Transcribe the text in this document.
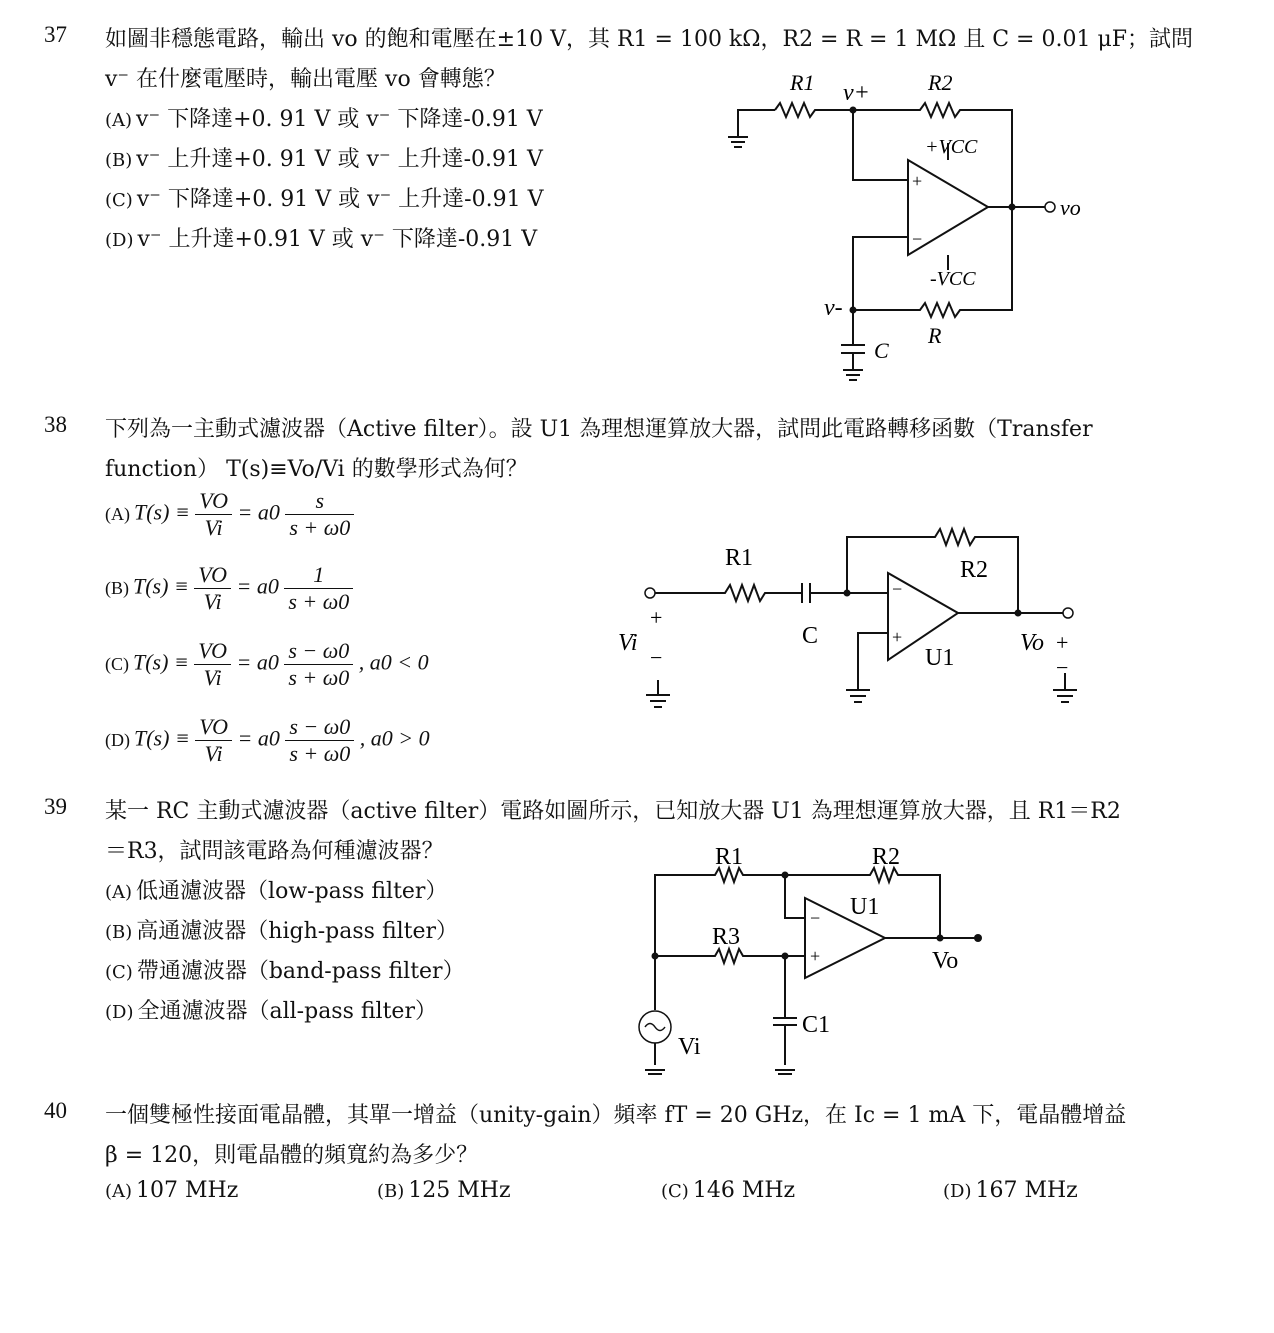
37 如圖非穩態電路，輸出 vo 的飽和電壓在±10 V，其 R1 = 100 kΩ，R2 = R = 1 MΩ 且 C = 0.01 μF；試問
v⁻ 在什麼電壓時，輸出電壓 vo 會轉態？
(A) v⁻ 下降達+0. 91 V 或 v⁻ 下降達-0.91 V
(B) v⁻ 上升達+0. 91 V 或 v⁻ 上升達-0.91 V
(C) v⁻ 下降達+0. 91 V 或 v⁻ 上升達-0.91 V
(D) v⁻ 上升達+0.91 V 或 v⁻ 下降達-0.91 V
R1 v+	R2
+VCC
-VCC
+
−
v-
R
C
vo
38 下列為一主動式濾波器（Active filter）。設 U1 為理想運算放大器，試問此電路轉移函數（Transfer
function） T(s)≡Vo/Vi 的數學形式為何？
(A) $T(s) \equiv \frac{VO}{Vi} = a0 \frac{s}{s + \omega 0}$
(B) $T(s) \equiv \frac{VO}{Vi} = a0 \frac{1}{s + \omega 0}$
(C) $T(s) \equiv \frac{VO}{Vi} = a0 \frac{s - \omega 0}{s + \omega 0}$ , a0 < 0
(D) $T(s) \equiv \frac{VO}{Vi} = a0 \frac{s - \omega 0}{s + \omega 0}$ , a0 > 0
R1	R2
C
U1
−
+
+
Vi
−
Vo +
−
39 某一 RC 主動式濾波器（active filter）電路如圖所示，已知放大器 U1 為理想運算放大器，且 R1＝R2
＝R3，試問該電路為何種濾波器？
(A) 低通濾波器（low-pass filter）
(B) 高通濾波器（high-pass filter）
(C) 帶通濾波器（band-pass filter）
(D) 全通濾波器（all-pass filter）
R1	R2
R3
U1
−
+	Vo
C1
Vi
40 一個雙極性接面電晶體，其單一增益（unity-gain）頻率 fT = 20 GHz，在 Ic = 1 mA 下，電晶體增益
β = 120，則電晶體的頻寬約為多少？
(A) 107 MHz	(B) 125 MHz	(C) 146 MHz	(D) 167 MHz
